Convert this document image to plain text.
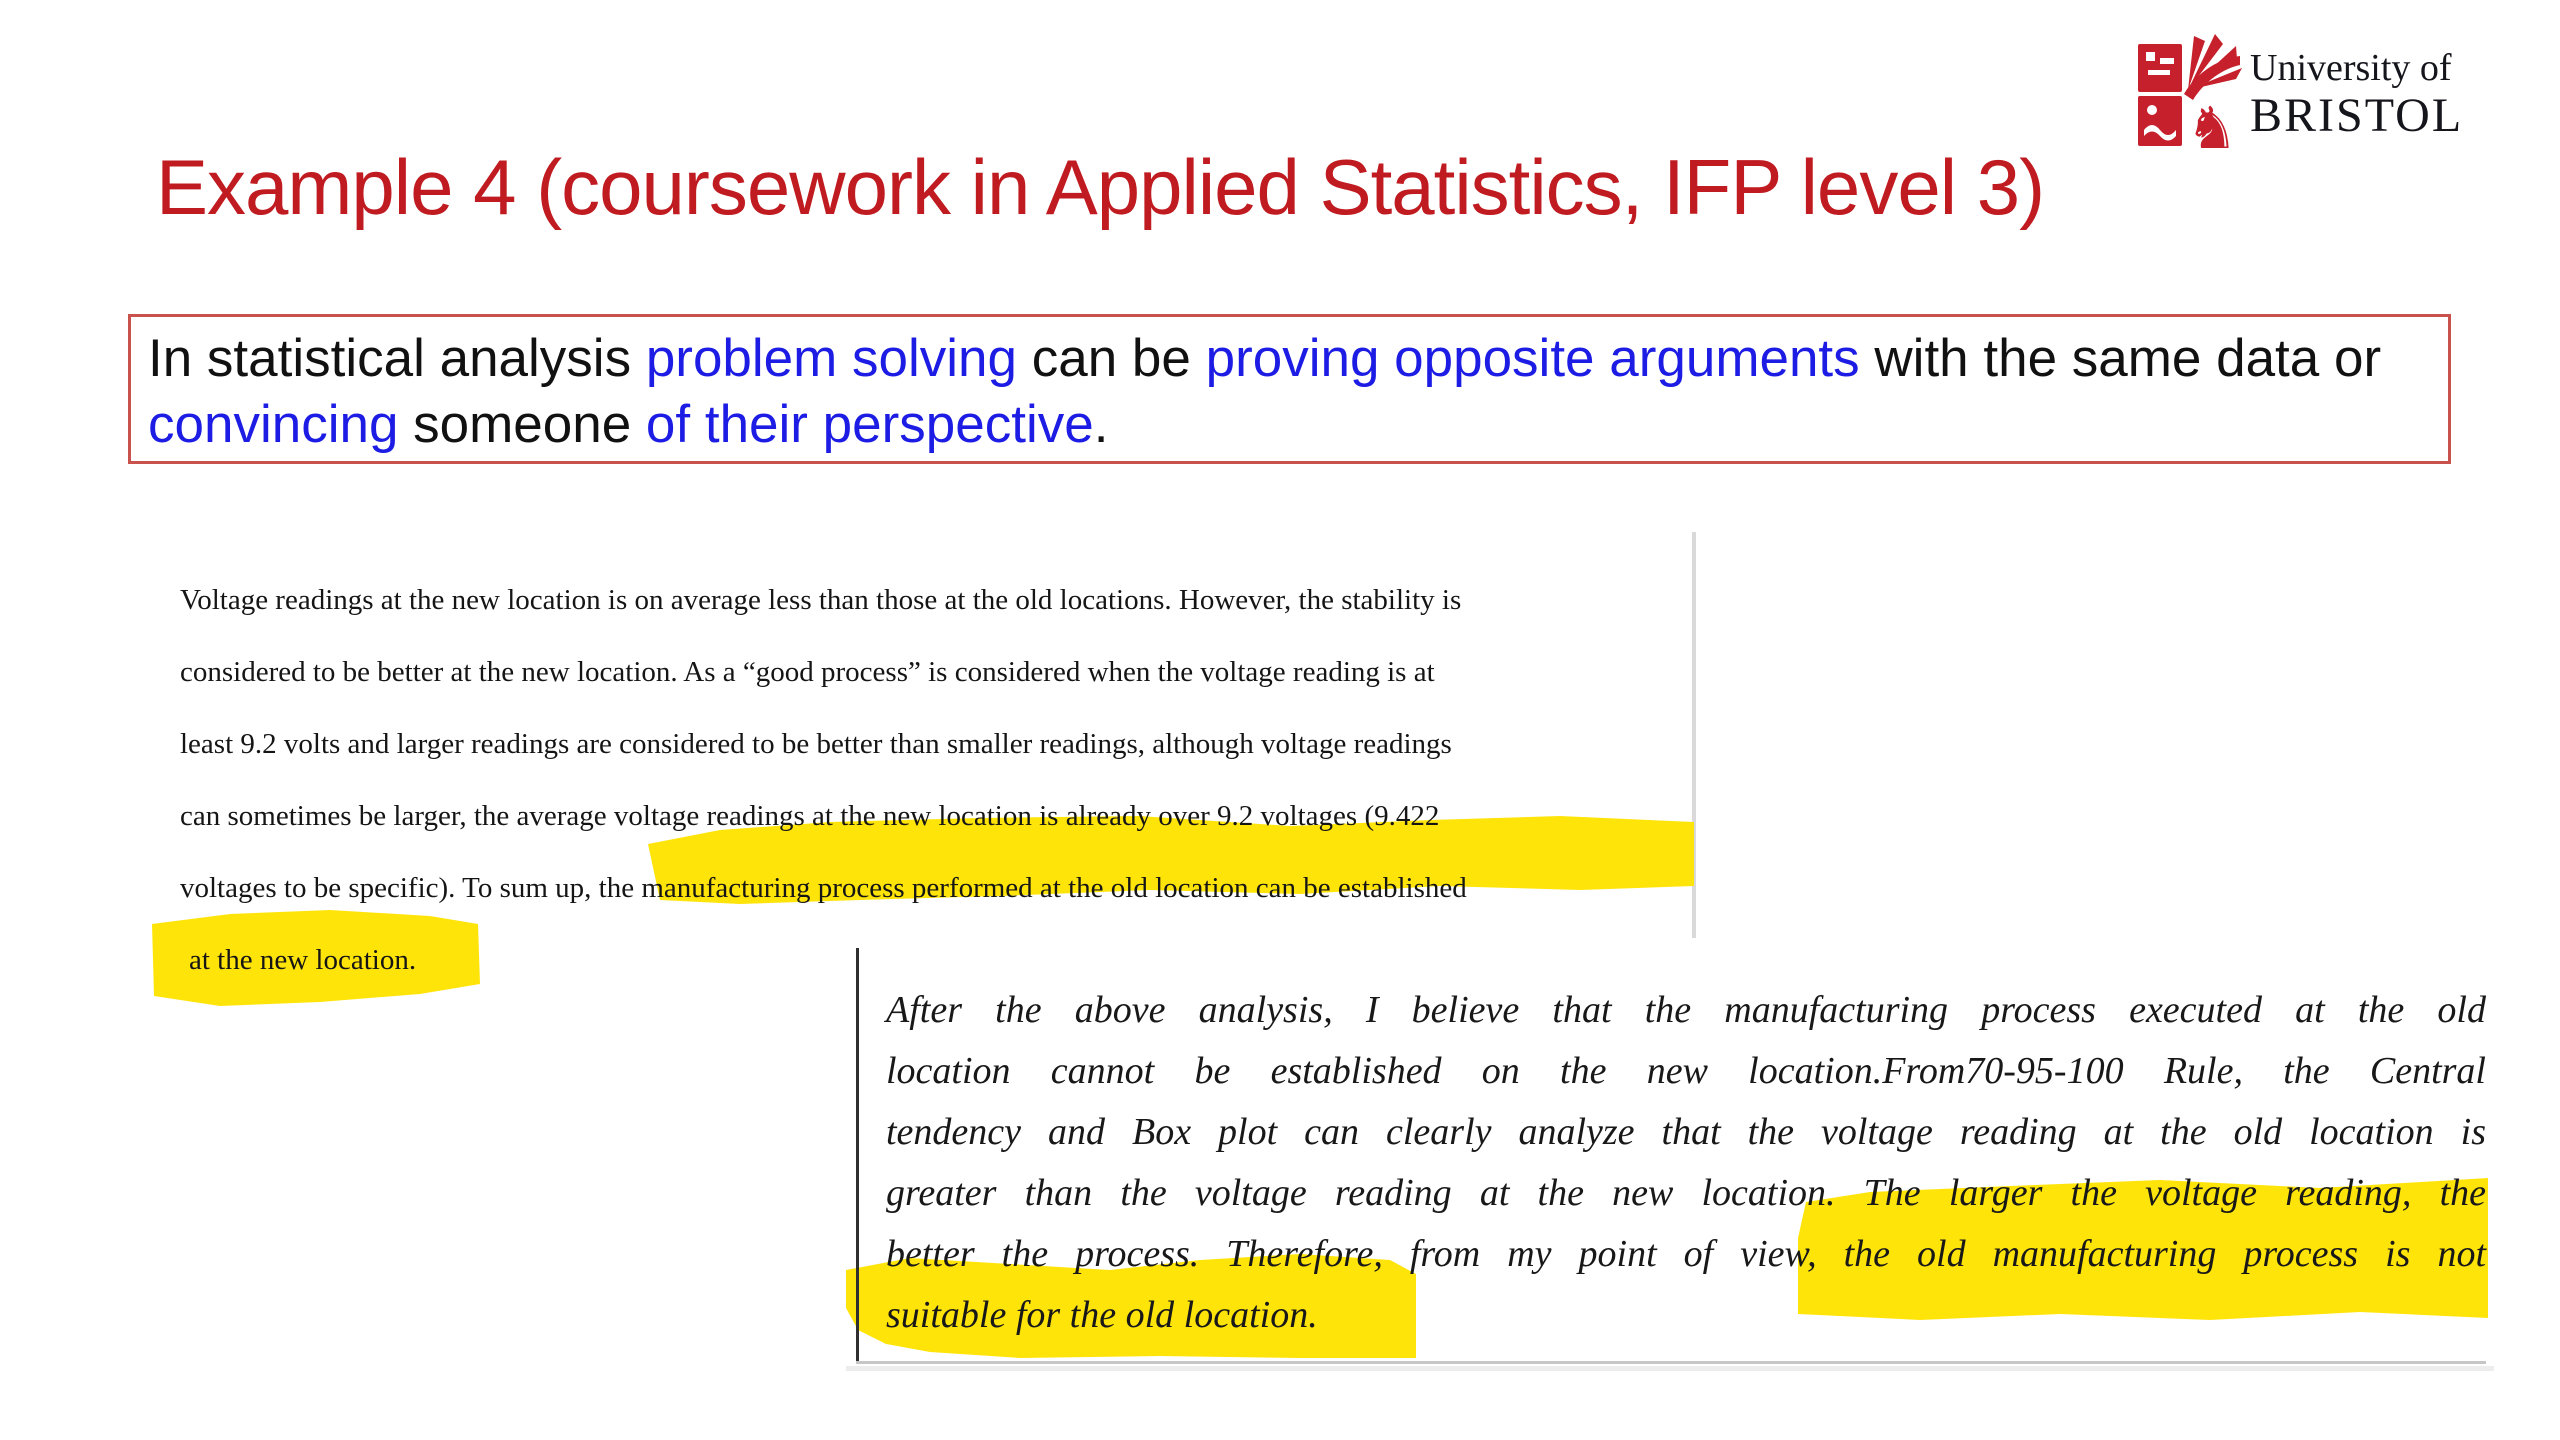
Example 4 (coursework in Applied Statistics, IFP level 3)
♞
University of
BRISTOL
In statistical analysis problem solving can be proving opposite arguments with the same data or
convincing someone of their perspective.
Voltage readings at the new location is on average less than those at the old locations. However, the stability is
considered to be better at the new location. As a “good process” is considered when the voltage reading is at
least 9.2 volts and larger readings are considered to be better than smaller readings, although voltage readings
can sometimes be larger, the average voltage readings at the new location is already over 9.2 voltages (9.422
voltages to be specific). To sum up, the manufacturing process performed at the old location can be established
at the new location.
After the above analysis, I believe that the manufacturing process executed at the old
location cannot be established on the new location.From70-95-100 Rule, the Central
tendency and Box plot can clearly analyze that the voltage reading at the old location is
greater than the voltage reading at the new location. The larger the voltage reading, the
better the process. Therefore, from my point of view, the old manufacturing process is not
suitable for the old location.
